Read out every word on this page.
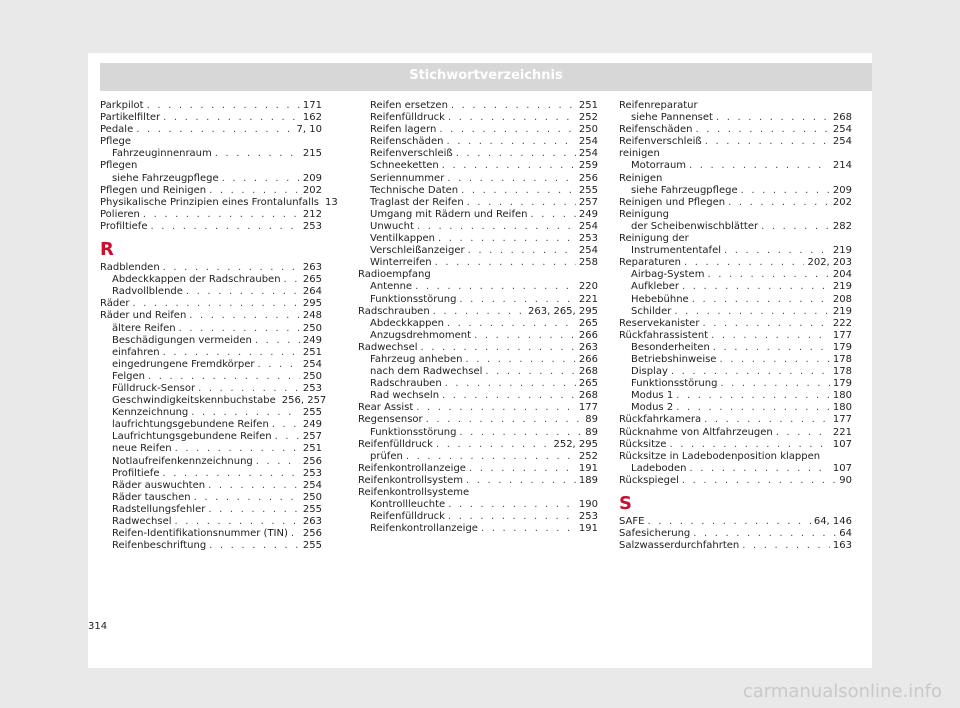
Stichwortverzeichnis
Parkpilot . . .	171
Partikelfilter . . .	162
Pedale . . .	7, 10
Pflege
Fahrzeuginnenraum . . .	215
Pflegen
siehe Fahrzeugpflege . . .	209
Pflegen und Reinigen . . .	202
Physikalische Prinzipien eines Frontalunfalls 13
Polieren . . .	212
Profiltiefe . . .	253
R
Radblenden . . .	263
Abdeckkappen der Radschrauben . . . 265
Radvollblende . . .	264
Räder . . .	295
Räder und Reifen . . .	248
ältere Reifen . . .	250
Beschädigungen vermeiden . . .	249
einfahren . . .	251
eingedrungene Fremdkörper . . .	254
Felgen . . .	250
Fülldruck-Sensor . . .	253
Geschwindigkeitskennbuchstabe 256, 257
Kennzeichnung . . .	255
laufrichtungsgebundene Reifen . . .	249
Laufrichtungsgebundene Reifen . . .	257
neue Reifen . . .	251
Notlaufreifenkennzeichnung . . .	256
Profiltiefe . . .	253
Räder auswuchten . . .	254
Räder tauschen . . .	250
Radstellungsfehler . . .	255
Radwechsel . . .	263
Reifen-Identifikationsnummer (TIN) . . . 256
Reifenbeschriftung . . .	255
Reifen ersetzen . . .	251
Reifenfülldruck . . .	252
Reifen lagern . . .	250
Reifenschäden . . .	254
Reifenverschleiß . . .	254
Schneeketten . . .	259
Seriennummer . . .	256
Technische Daten . . .	255
Traglast der Reifen . . .	257
Umgang mit Rädern und Reifen . . .	249
Unwucht . . .	254
Ventilkappen . . .	253
Verschleißanzeiger . . .	254
Winterreifen . . .	258
Radioempfang
Antenne . . .	220
Funktionsstörung . . .	221
Radschrauben . . .	263, 265, 295
Abdeckkappen . . .	265
Anzugsdrehmoment . . .	266
Radwechsel . . .	263
Fahrzeug anheben . . .	266
nach dem Radwechsel . . .	268
Radschrauben . . .	265
Rad wechseln . . .	268
Rear Assist . . .	177
Regensensor . . .	89
Funktionsstörung . . .	89
Reifenfülldruck . . .	252, 295
prüfen . . .	252
Reifenkontrollanzeige . . .	191
Reifenkontrollsystem . . .	189
Reifenkontrollsysteme
Kontrollleuchte . . .	190
Reifenfülldruck . . .	253
Reifenkontrollanzeige . . .	191
Reifenreparatur
siehe Pannenset . . .	268
Reifenschäden . . .	254
Reifenverschleiß . . .	254
reinigen
Motorraum . . .	214
Reinigen
siehe Fahrzeugpflege . . .	209
Reinigen und Pflegen . . .	202
Reinigung
der Scheibenwischblätter . . .	282
Reinigung der
Instrumententafel . . .	219
Reparaturen . . .	202, 203
Airbag-System . . .	204
Aufkleber . . .	219
Hebebühne . . .	208
Schilder . . .	219
Reservekanister . . .	222
Rückfahrassistent . . .	177
Besonderheiten . . .	179
Betriebshinweise . . .	178
Display . . .	178
Funktionsstörung . . .	179
Modus 1 . . .	180
Modus 2 . . .	180
Rückfahrkamera . . .	177
Rücknahme von Altfahrzeugen . . .	221
Rücksitze . . .	107
Rücksitze in Ladebodenposition klappen
Ladeboden . . .	107
Rückspiegel . . .	90
S
SAFE . . .	64, 146
Safesicherung . . .	64
Salzwasserdurchfahrten . . .	163
314
carmanualsonline.info
